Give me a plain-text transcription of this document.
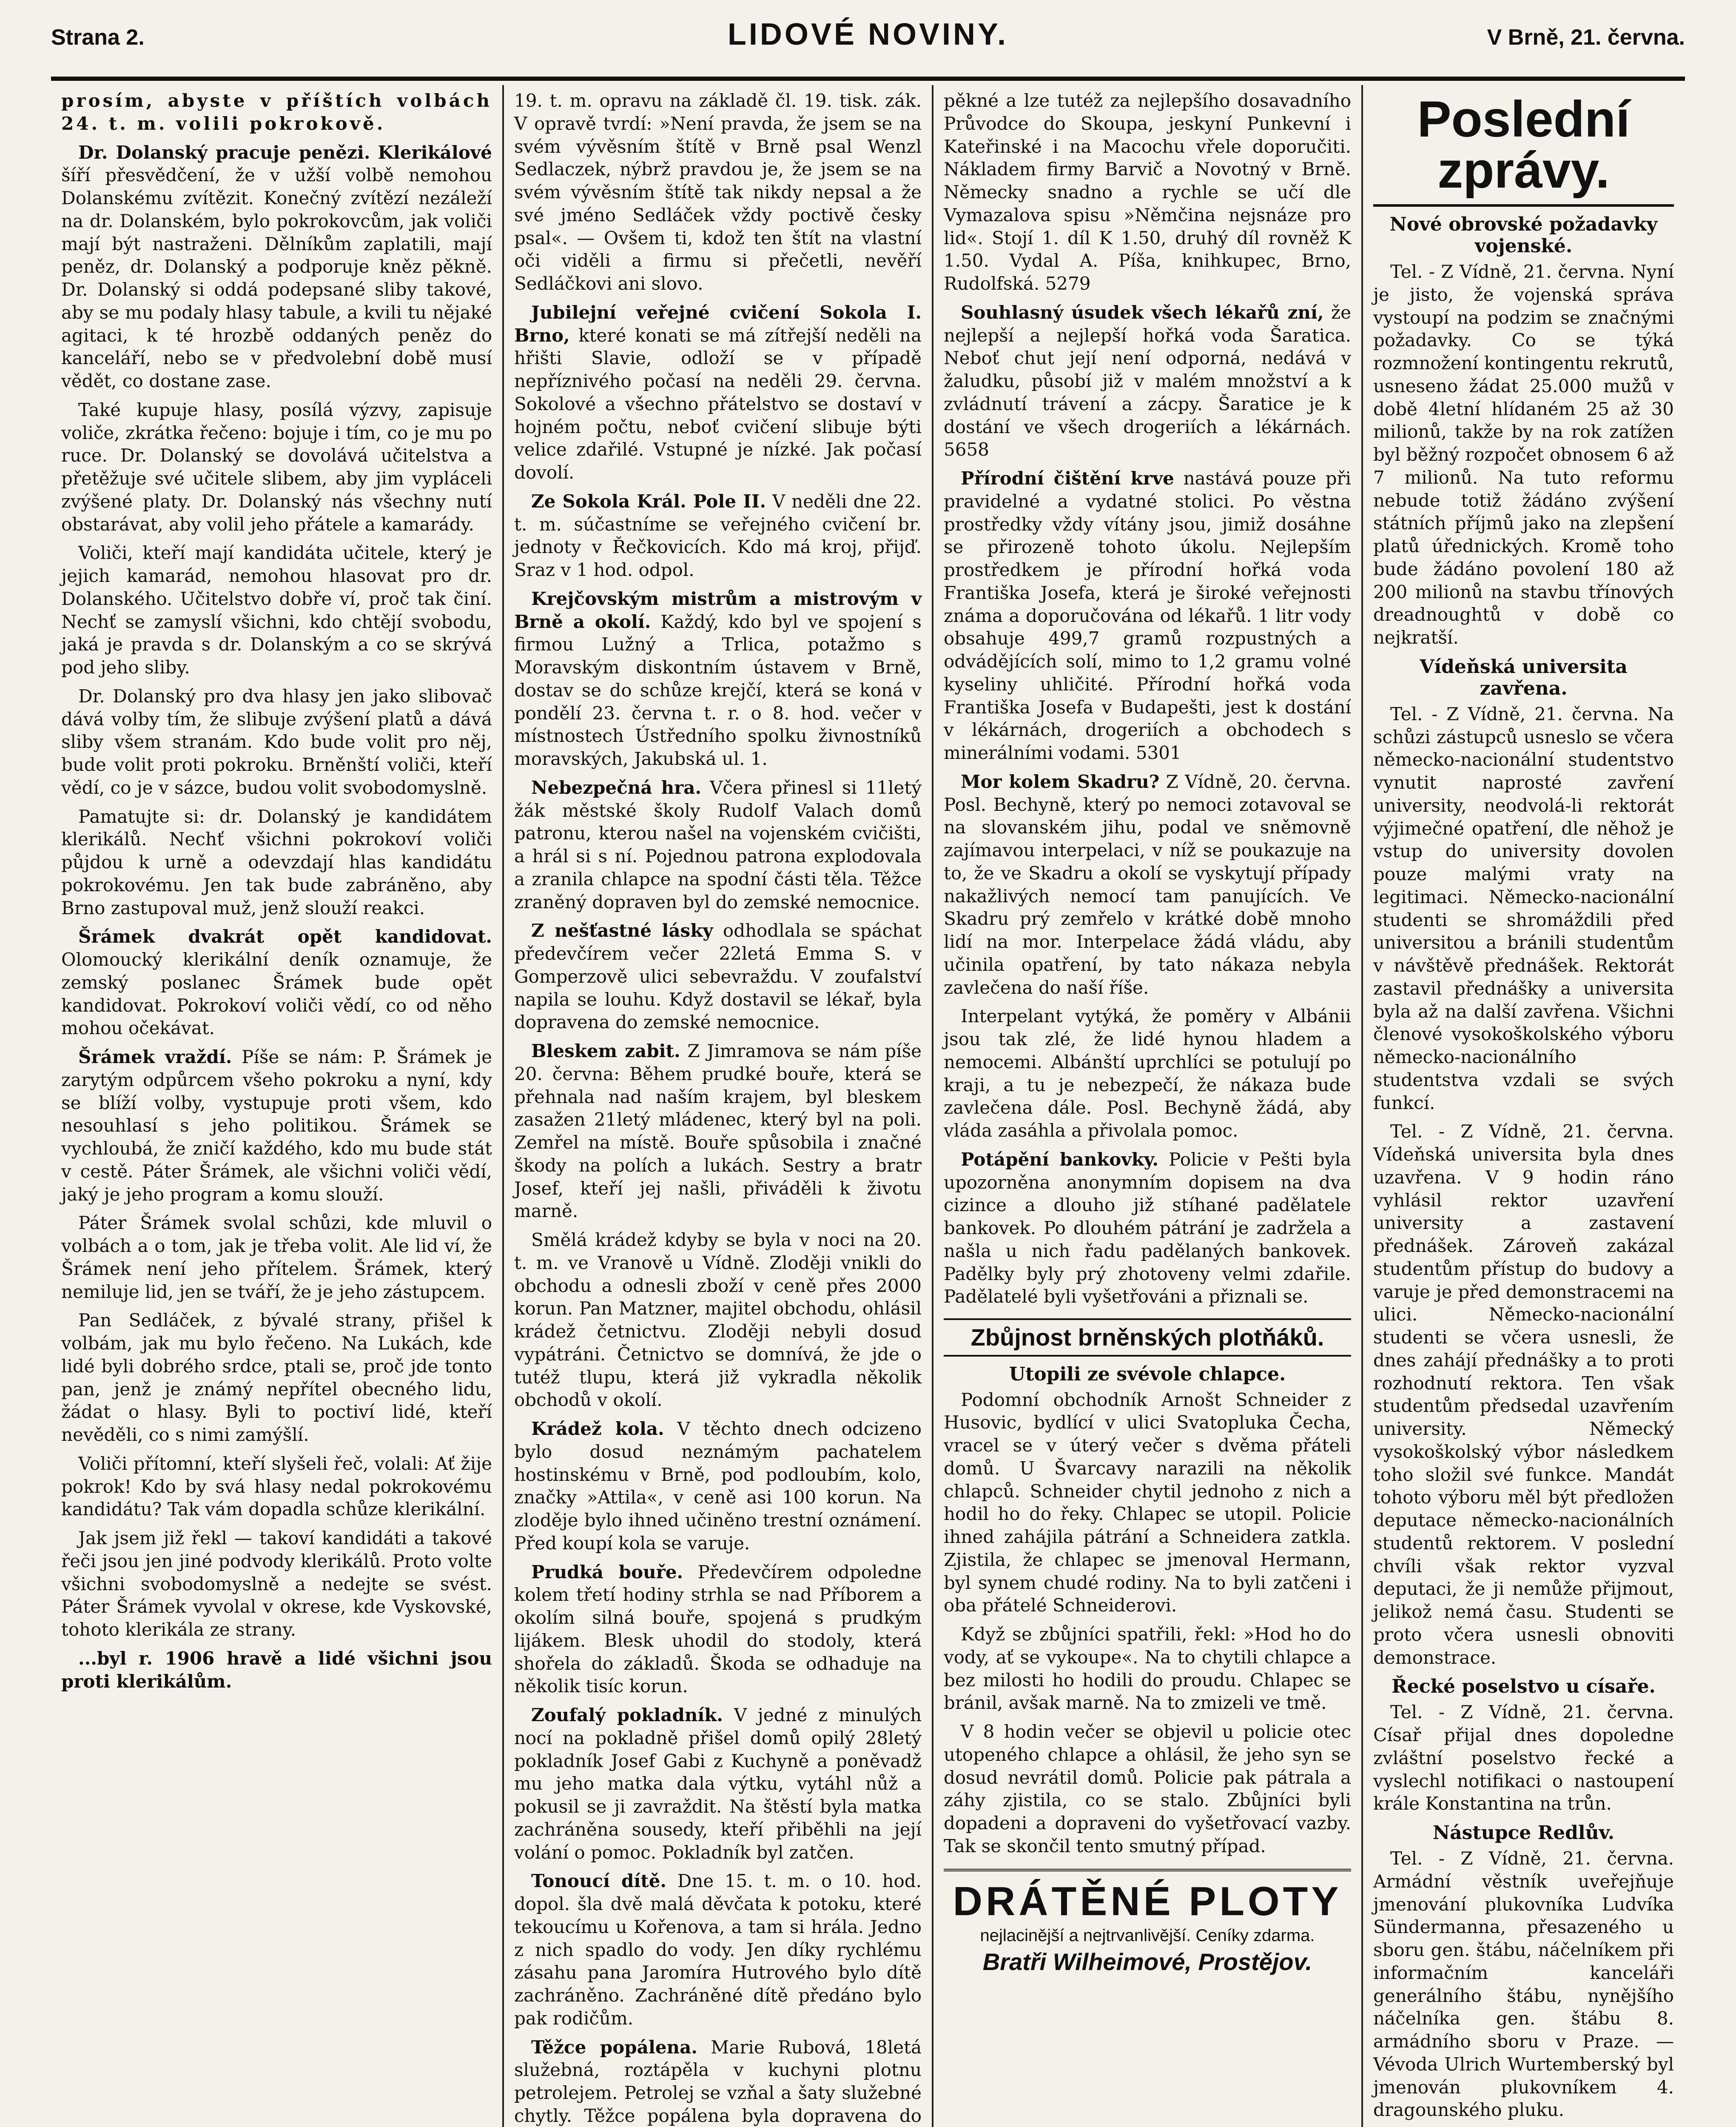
Strana 2.	LIDOVÉ NOVINY.	V Brně, 21. června.

prosím, abyste v příštích volbách 24. t. m. volili pokrokově.

Dr. Dolanský pracuje penězi. Klerikálové šíří přesvědčení, že v užší volbě nemohou Dolanskému zvítězit. Konečný zvítězí nezáleží na dr. Dolanském, bylo pokrokovcům, jak voliči mají být nastraženi. Dělníkům zaplatili, mají peněz, dr. Dolanský a podporuje kněz pěkně. Dr. Dolanský si oddá podepsané sliby takové, aby se mu podaly hlasy tabule, a kvili tu nějaké agitaci, k té hrozbě oddaných peněz do kanceláří, nebo se v předvolební době musí vědět, co dostane zase.

Také kupuje hlasy, posílá výzvy, zapisuje voliče, zkrátka řečeno: bojuje i tím, co je mu po ruce. Dr. Dolanský se dovolává učitelstva a přetěžuje své učitele slibem, aby jim vypláceli zvýšené platy. Dr. Dolanský nás všechny nutí obstarávat, aby volil jeho přátele a kamarády.

Voliči, kteří mají kandidáta učitele, který je jejich kamarád, nemohou hlasovat pro dr. Dolanského. Učitelstvo dobře ví, proč tak činí. Nechť se zamyslí všichni, kdo chtějí svobodu, jaká je pravda s dr. Dolanským a co se skrývá pod jeho sliby.

Dr. Dolanský pro dva hlasy jen jako slibovač dává volby tím, že slibuje zvýšení platů a dává sliby všem stranám. Kdo bude volit pro něj, bude volit proti pokroku. Brněnští voliči, kteří vědí, co je v sázce, budou volit svobodomyslně.

Pamatujte si: dr. Dolanský je kandidátem klerikálů. Nechť všichni pokrokoví voliči půjdou k urně a odevzdají hlas kandidátu pokrokovému. Jen tak bude zabráněno, aby Brno zastupoval muž, jenž slouží reakci.

Šrámek dvakrát opět kandidovat. Olomoucký klerikální deník oznamuje, že zemský poslanec Šrámek bude opět kandidovat. Pokrokoví voliči vědí, co od něho mohou očekávat.

Šrámek vraždí. Píše se nám: P. Šrámek je zarytým odpůrcem všeho pokroku a nyní, kdy se blíží volby, vystupuje proti všem, kdo nesouhlasí s jeho politikou. Šrámek se vychloubá, že zničí každého, kdo mu bude stát v cestě. Páter Šrámek, ale všichni voliči vědí, jaký je jeho program a komu slouží.

Páter Šrámek svolal schůzi, kde mluvil o volbách a o tom, jak je třeba volit. Ale lid ví, že Šrámek není jeho přítelem. Šrámek, který nemiluje lid, jen se tváří, že je jeho zástupcem.

Pan Sedláček, z bývalé strany, přišel k volbám, jak mu bylo řečeno. Na Lukách, kde lidé byli dobrého srdce, ptali se, proč jde tonto pan, jenž je známý nepřítel obecného lidu, žádat o hlasy. Byli to poctiví lidé, kteří nevěděli, co s nimi zamýšlí.

Voliči přítomní, kteří slyšeli řeč, volali: Ať žije pokrok! Kdo by svá hlasy nedal pokrokovému kandidátu? Tak vám dopadla schůze klerikální.

Jak jsem již řekl — takoví kandidáti a takové řeči jsou jen jiné podvody klerikálů. Proto volte všichni svobodomyslně a nedejte se svést. Páter Šrámek vyvolal v okrese, kde Vyskovské, tohoto klerikála ze strany.

...byl r. 1906 hravě a lidé všichni jsou proti klerikálům.

19. t. m. opravu na základě čl. 19. tisk. zák. V opravě tvrdí: »Není pravda, že jsem se na svém vývěsním štítě v Brně psal Wenzl Sedlaczek, nýbrž pravdou je, že jsem se na svém vývěsním štítě tak nikdy nepsal a že své jméno Sedláček vždy poctivě česky psal«. — Ovšem ti, kdož ten štít na vlastní oči viděli a firmu si přečetli, nevěří Sedláčkovi ani slovo.

Jubilejní veřejné cvičení Sokola I. Brno, které konati se má zítřejší neděli na hřišti Slavie, odloží se v případě nepříznivého počasí na neděli 29. června. Sokolové a všechno přátelstvo se dostaví v hojném počtu, neboť cvičení slibuje býti velice zdařilé. Vstupné je nízké. Jak počasí dovolí.

Ze Sokola Král. Pole II. V neděli dne 22. t. m. súčastníme se veřejného cvičení br. jednoty v Řečkovicích. Kdo má kroj, přijď. Sraz v 1 hod. odpol.

Krejčovským mistrům a mistrovým v Brně a okolí. Každý, kdo byl ve spojení s firmou Lužný a Trlica, potažmo s Moravským diskontním ústavem v Brně, dostav se do schůze krejčí, která se koná v pondělí 23. června t. r. o 8. hod. večer v místnostech Ústředního spolku živnostníků moravských, Jakubská ul. 1.

Nebezpečná hra. Včera přinesl si 11letý žák městské školy Rudolf Valach domů patronu, kterou našel na vojenském cvičišti, a hrál si s ní. Pojednou patrona explodovala a zranila chlapce na spodní části těla. Těžce zraněný dopraven byl do zemské nemocnice.

Z nešťastné lásky odhodlala se spáchat předevčírem večer 22letá Emma S. v Gomperzově ulici sebevraždu. V zoufalství napila se louhu. Když dostavil se lékař, byla dopravena do zemské nemocnice.

Bleskem zabit. Z Jimramova se nám píše 20. června: Během prudké bouře, která se přehnala nad naším krajem, byl bleskem zasažen 21letý mládenec, který byl na poli. Zemřel na místě. Bouře spůsobila i značné škody na polích a lukách. Sestry a bratr Josef, kteří jej našli, přiváděli k životu marně.

Smělá krádež kdyby se byla v noci na 20. t. m. ve Vranově u Vídně. Zloději vnikli do obchodu a odnesli zboží v ceně přes 2000 korun. Pan Matzner, majitel obchodu, ohlásil krádež četnictvu. Zloději nebyli dosud vypátráni. Četnictvo se domnívá, že jde o tutéž tlupu, která již vykradla několik obchodů v okolí.

Krádež kola. V těchto dnech odcizeno bylo dosud neznámým pachatelem hostinskému v Brně, pod podloubím, kolo, značky »Attila«, v ceně asi 100 korun. Na zloděje bylo ihned učiněno trestní oznámení. Před koupí kola se varuje.

Prudká bouře. Předevčírem odpoledne kolem třetí hodiny strhla se nad Příborem a okolím silná bouře, spojená s prudkým lijákem. Blesk uhodil do stodoly, která shořela do základů. Škoda se odhaduje na několik tisíc korun.

Zoufalý pokladník. V jedné z minulých nocí na pokladně přišel domů opilý 28letý pokladník Josef Gabi z Kuchyně a poněvadž mu jeho matka dala výtku, vytáhl nůž a pokusil se ji zavraždit. Na štěstí byla matka zachráněna sousedy, kteří přiběhli na její volání o pomoc. Pokladník byl zatčen.

Tonoucí dítě. Dne 15. t. m. o 10. hod. dopol. šla dvě malá děvčata k potoku, které tekoucímu u Kořenova, a tam si hrála. Jedno z nich spadlo do vody. Jen díky rychlému zásahu pana Jaromíra Hutrového bylo dítě zachráněno. Zachráněné dítě předáno bylo pak rodičům.

Těžce popálena. Marie Rubová, 18letá služebná, roztápěla v kuchyni plotnu petrolejem. Petrolej se vzňal a šaty služebné chytly. Těžce popálena byla dopravena do

pěkné a lze tutéž za nejlepšího dosavadního Průvodce do Skoupa, jeskyní Punkevní i Kateřinské i na Macochu vřele doporučiti. Nákladem firmy Barvič a Novotný v Brně. Německy snadno a rychle se učí dle Vymazalova spisu »Němčina nejsnáze pro lid«. Stojí 1. díl K 1.50, druhý díl rovněž K 1.50. Vydal A. Píša, knihkupec, Brno, Rudolfská. 5279

Souhlasný úsudek všech lékařů zní, že nejlepší a nejlepší hořká voda Šaratica. Neboť chut její není odporná, nedává v žaludku, působí již v malém množství a k zvládnutí trávení a zácpy. Šaratice je k dostání ve všech drogeriích a lékárnách. 5658

Přírodní čištění krve nastává pouze při pravidelné a vydatné stolici. Po věstna prostředky vždy vítány jsou, jimiž dosáhne se přirozeně tohoto úkolu. Nejlepším prostředkem je přírodní hořká voda Františka Josefa, která je široké veřejnosti známa a doporučována od lékařů. 1 litr vody obsahuje 499,7 gramů rozpustných a odvádějících solí, mimo to 1,2 gramu volné kyseliny uhličité. Přírodní hořká voda Františka Josefa v Budapešti, jest k dostání v lékárnách, drogeriích a obchodech s minerálními vodami. 5301

Mor kolem Skadru? Z Vídně, 20. června. Posl. Bechyně, který po nemoci zotavoval se na slovanském jihu, podal ve sněmovně zajímavou interpelaci, v níž se poukazuje na to, že ve Skadru a okolí se vyskytují případy nakažlivých nemocí tam panujících. Ve Skadru prý zemřelo v krátké době mnoho lidí na mor. Interpelace žádá vládu, aby učinila opatření, by tato nákaza nebyla zavlečena do naší říše.

Interpelant vytýká, že poměry v Albánii jsou tak zlé, že lidé hynou hladem a nemocemi. Albánští uprchlíci se potulují po kraji, a tu je nebezpečí, že nákaza bude zavlečena dále. Posl. Bechyně žádá, aby vláda zasáhla a přivolala pomoc.

Potápění bankovky. Policie v Pešti byla upozorněna anonymním dopisem na dva cizince a dlouho již stíhané padělatele bankovek. Po dlouhém pátrání je zadržela a našla u nich řadu padělaných bankovek. Padělky byly prý zhotoveny velmi zdařile. Padělatelé byli vyšetřováni a přiznali se.

Zbůjnost brněnských plotňáků.
Utopili ze svévole chlapce.

Podomní obchodník Arnošt Schneider z Husovic, bydlící v ulici Svatopluka Čecha, vracel se v úterý večer s dvěma přáteli domů. U Švarcavy narazili na několik chlapců. Schneider chytil jednoho z nich a hodil ho do řeky. Chlapec se utopil. Policie ihned zahájila pátrání a Schneidera zatkla. Zjistila, že chlapec se jmenoval Hermann, byl synem chudé rodiny. Na to byli zatčeni i oba přátelé Schneiderovi.

Když se zbůjníci spatřili, řekl: »Hod ho do vody, ať se vykoupe«. Na to chytili chlapce a bez milosti ho hodili do proudu. Chlapec se bránil, avšak marně. Na to zmizeli ve tmě.

V 8 hodin večer se objevil u policie otec utopeného chlapce a ohlásil, že jeho syn se dosud nevrátil domů. Policie pak pátrala a záhy zjistila, co se stalo. Zbůjníci byli dopadeni a dopraveni do vyšetřovací vazby. Tak se skončil tento smutný případ.

DRÁTĚNÉ PLOTY
nejlacinější a nejtrvanlivější. Ceníky zdarma.
Bratři Wilheimové, Prostějov.
Poslední zprávy.
Nové obrovské požadavky vojenské.

Tel. - Z Vídně, 21. června. Nyní je jisto, že vojenská správa vystoupí na podzim se značnými požadavky. Co se týká rozmnožení kontingentu rekrutů, usneseno žádat 25.000 mužů v době 4letní hlídaném 25 až 30 milionů, takže by na rok zatížen byl běžný rozpočet obnosem 6 až 7 milionů. Na tuto reformu nebude totiž žádáno zvýšení státních příjmů jako na zlepšení platů úřednických. Kromě toho bude žádáno povolení 180 až 200 milionů na stavbu třínových dreadnoughtů v době co nejkratší.

Vídeňská universita zavřena.

Tel. - Z Vídně, 21. června. Na schůzi zástupců usneslo se včera německo-nacionální studentstvo vynutit naprosté zavření university, neodvolá-li rektorát výjimečné opatření, dle něhož je vstup do university dovolen pouze malými vraty na legitimaci. Německo-nacionální studenti se shromáždili před universitou a bránili studentům v návštěvě přednášek. Rektorát zastavil přednášky a universita byla až na další zavřena. Všichni členové vysokoškolského výboru německo-nacionálního studentstva vzdali se svých funkcí.

Tel. - Z Vídně, 21. června. Vídeňská universita byla dnes uzavřena. V 9 hodin ráno vyhlásil rektor uzavření university a zastavení přednášek. Zároveň zakázal studentům přístup do budovy a varuje je před demonstracemi na ulici. Německo-nacionální studenti se včera usnesli, že dnes zahájí přednášky a to proti rozhodnutí rektora. Ten však studentům předsedal uzavřením university. Německý vysokoškolský výbor následkem toho složil své funkce. Mandát tohoto výboru měl být předložen deputace německo-nacionálních studentů rektorem. V poslední chvíli však rektor vyzval deputaci, že ji nemůže přijmout, jelikož nemá času. Studenti se proto včera usnesli obnoviti demonstrace.

Řecké poselstvo u císaře.

Tel. - Z Vídně, 21. června. Císař přijal dnes dopoledne zvláštní poselstvo řecké a vyslechl notifikaci o nastoupení krále Konstantina na trůn.

Nástupce Redlův.

Tel. - Z Vídně, 21. června. Armádní věstník uveřejňuje jmenování plukovníka Ludvíka Sündermanna, přesazeného u sboru gen. štábu, náčelníkem při informačním kanceláři generálního štábu, nynějšího náčelníka gen. štábu 8. armádního sboru v Praze. — Vévoda Ulrich Wurtemberský byl jmenován plukovníkem 4. dragounského pluku.
